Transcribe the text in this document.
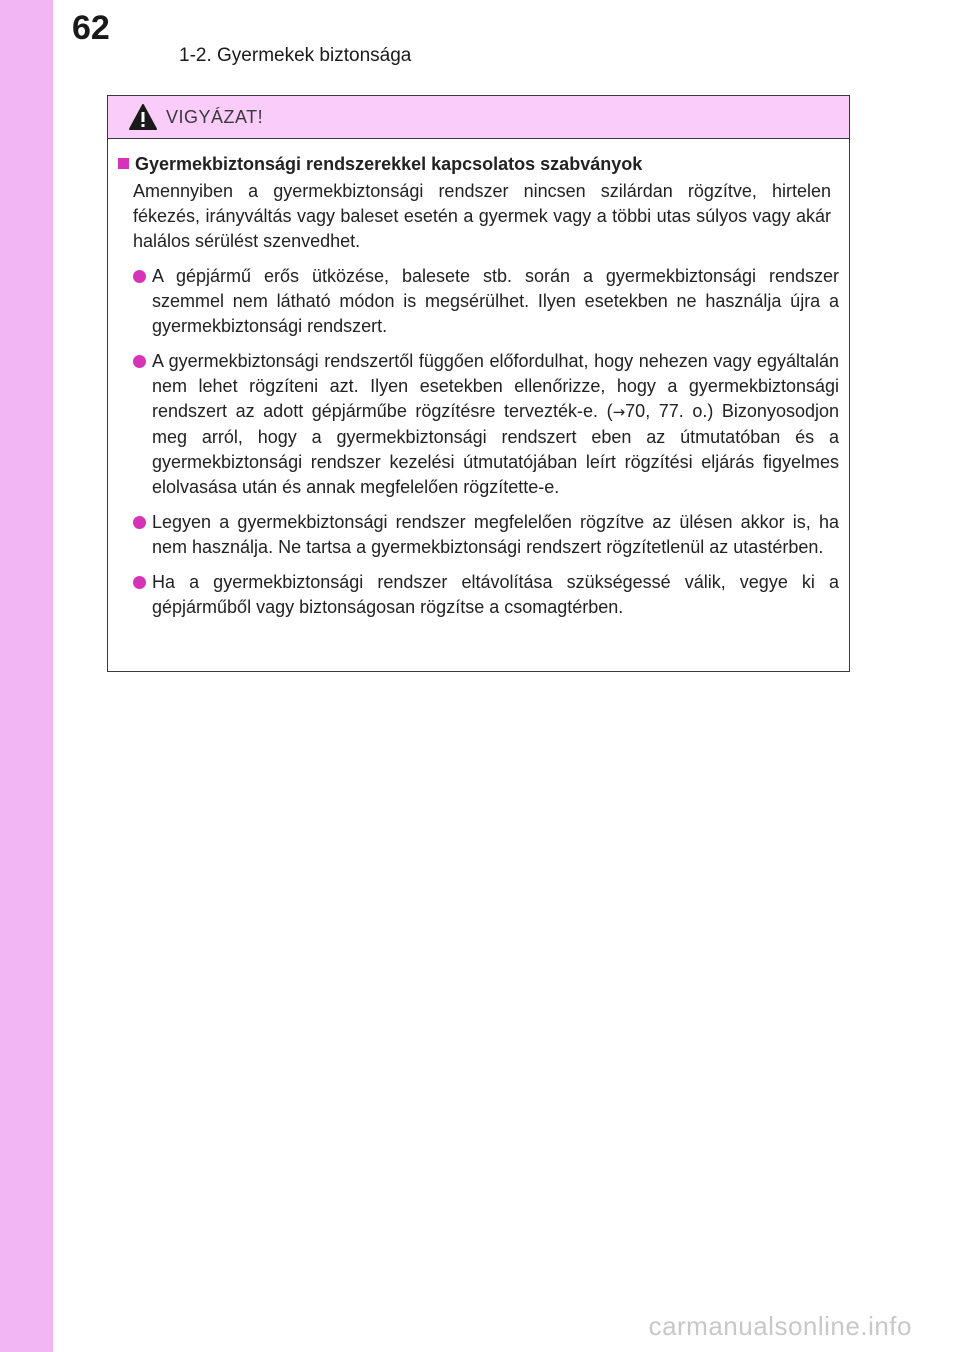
62
1-2. Gyermekek biztonsága
VIGYÁZAT!
Gyermekbiztonsági rendszerekkel kapcsolatos szabványok
Amennyiben a gyermekbiztonsági rendszer nincsen szilárdan rögzítve, hirtelen fékezés, irányváltás vagy baleset esetén a gyermek vagy a többi utas súlyos vagy akár halálos sérülést szenvedhet.
A gépjármű erős ütközése, balesete stb. során a gyermekbiztonsági rendszer szemmel nem látható módon is megsérülhet. Ilyen esetekben ne használja újra a gyermekbiztonsági rendszert.
A gyermekbiztonsági rendszertől függően előfordulhat, hogy nehezen vagy egyáltalán nem lehet rögzíteni azt. Ilyen esetekben ellenőrizze, hogy a gyermekbiztonsági rendszert az adott gépjárműbe rögzítésre tervezték-e. (→70, 77. o.) Bizonyosodjon meg arról, hogy a gyermekbiztonsági rendszert eben az útmutatóban és a gyermekbiztonsági rendszer kezelési útmutatójában leírt rögzítési eljárás figyelmes elolvasása után és annak megfelelően rögzítette-e.
Legyen a gyermekbiztonsági rendszer megfelelően rögzítve az ülésen akkor is, ha nem használja. Ne tartsa a gyermekbiztonsági rendszert rögzítetlenül az utastérben.
Ha a gyermekbiztonsági rendszer eltávolítása szükségessé válik, vegye ki a gépjárműből vagy biztonságosan rögzítse a csomagtérben.
carmanualsonline.info
